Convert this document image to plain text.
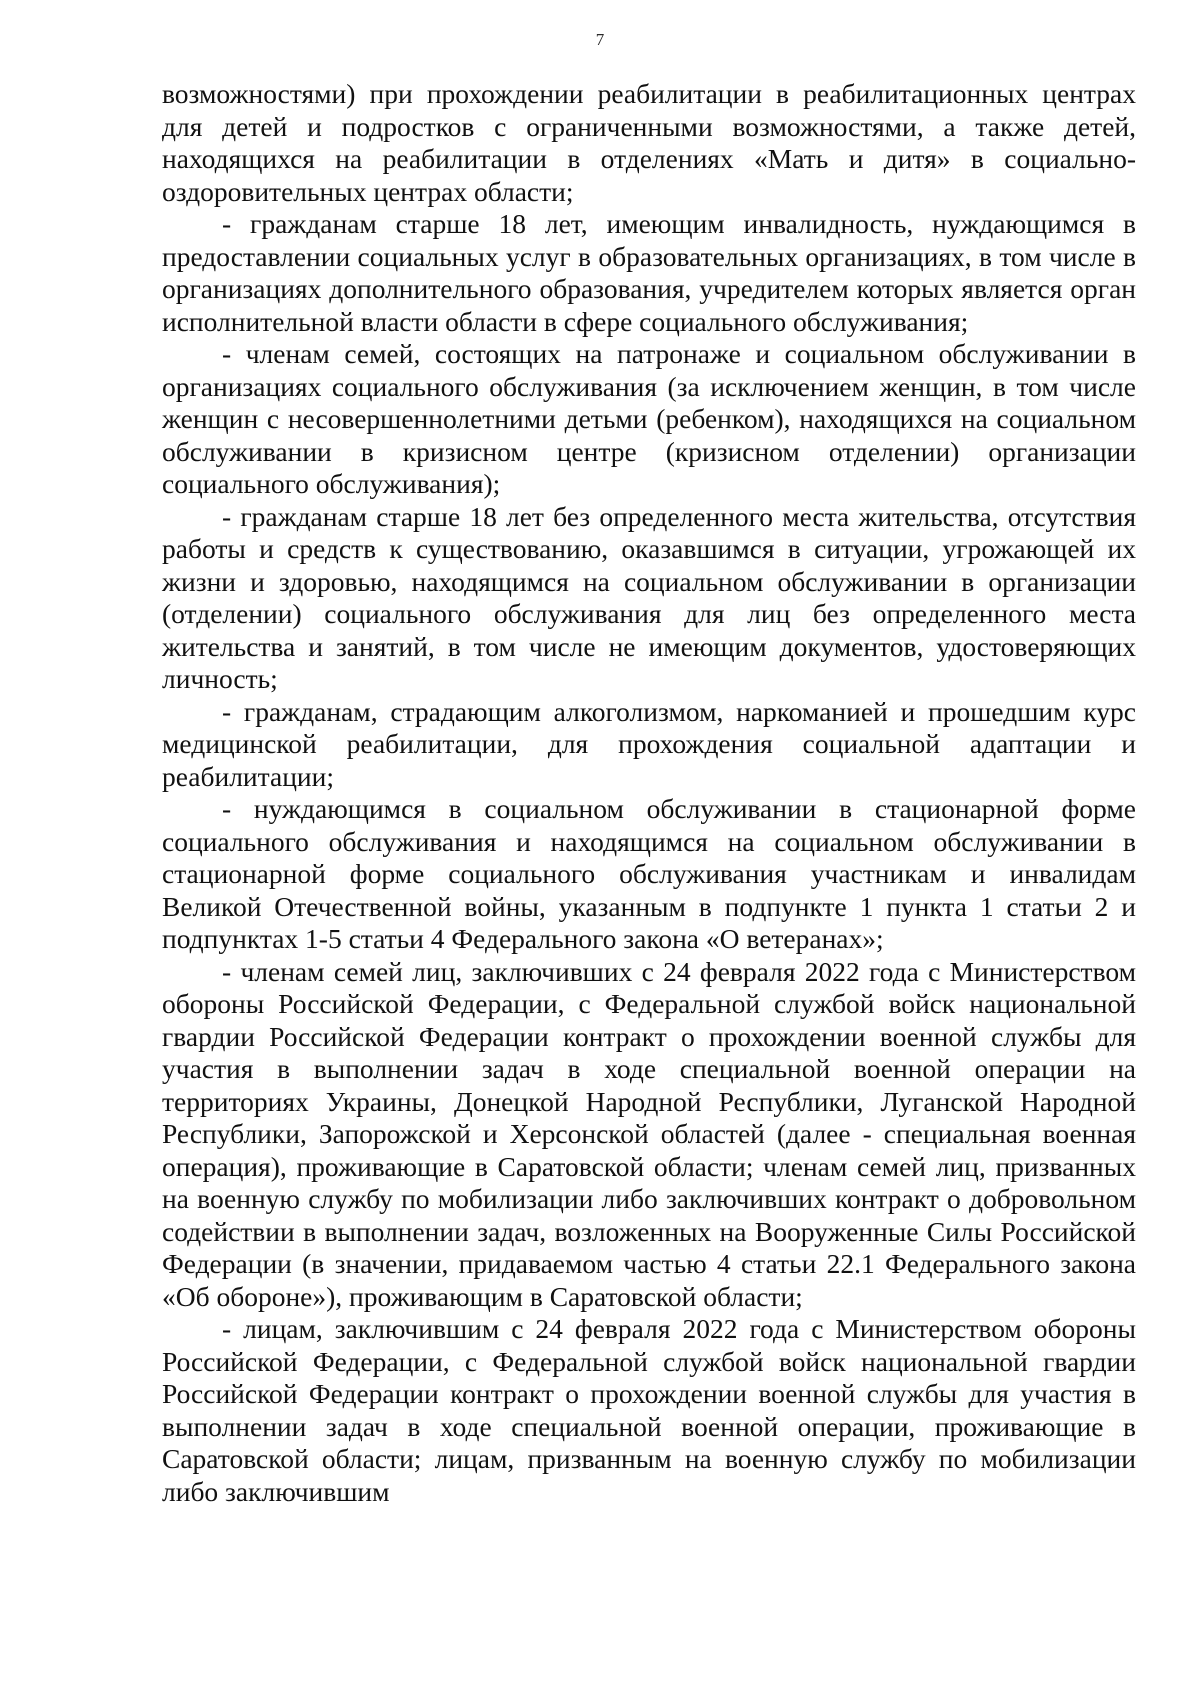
7

возможностями) при прохождении реабилитации в реабилитационных центрах для детей и подростков с ограниченными возможностями, а также детей, находящихся на реабилитации в отделениях «Мать и дитя» в социально-оздоровительных центрах области;

- гражданам старше 18 лет, имеющим инвалидность, нуждающимся в предоставлении социальных услуг в образовательных организациях, в том числе в организациях дополнительного образования, учредителем которых является орган исполнительной власти области в сфере социального обслуживания;

- членам семей, состоящих на патронаже и социальном обслуживании в организациях социального обслуживания (за исключением женщин, в том числе женщин с несовершеннолетними детьми (ребенком), находящихся на социальном обслуживании в кризисном центре (кризисном отделении) организации социального обслуживания);

- гражданам старше 18 лет без определенного места жительства, отсутствия работы и средств к существованию, оказавшимся в ситуации, угрожающей их жизни и здоровью, находящимся на социальном обслуживании в организации (отделении) социального обслуживания для лиц без определенного места жительства и занятий, в том числе не имеющим документов, удостоверяющих личность;

- гражданам, страдающим алкоголизмом, наркоманией и прошедшим курс медицинской реабилитации, для прохождения социальной адаптации и реабилитации;

- нуждающимся в социальном обслуживании в стационарной форме социального обслуживания и находящимся на социальном обслуживании в стационарной форме социального обслуживания участникам и инвалидам Великой Отечественной войны, указанным в подпункте 1 пункта 1 статьи 2 и подпунктах 1-5 статьи 4 Федерального закона «О ветеранах»;

- членам семей лиц, заключивших с 24 февраля 2022 года с Министерством обороны Российской Федерации, с Федеральной службой войск национальной гвардии Российской Федерации контракт о прохождении военной службы для участия в выполнении задач в ходе специальной военной операции на территориях Украины, Донецкой Народной Республики, Луганской Народной Республики, Запорожской и Херсонской областей (далее - специальная военная операция), проживающие в Саратовской области; членам семей лиц, призванных на военную службу по мобилизации либо заключивших контракт о добровольном содействии в выполнении задач, возложенных на Вооруженные Силы Российской Федерации (в значении, придаваемом частью 4 статьи 22.1 Федерального закона «Об обороне»), проживающим в Саратовской области;

- лицам, заключившим с 24 февраля 2022 года с Министерством обороны Российской Федерации, с Федеральной службой войск национальной гвардии Российской Федерации контракт о прохождении военной службы для участия в выполнении задач в ходе специальной военной операции, проживающие в Саратовской области; лицам, призванным на военную службу по мобилизации либо заключившим
